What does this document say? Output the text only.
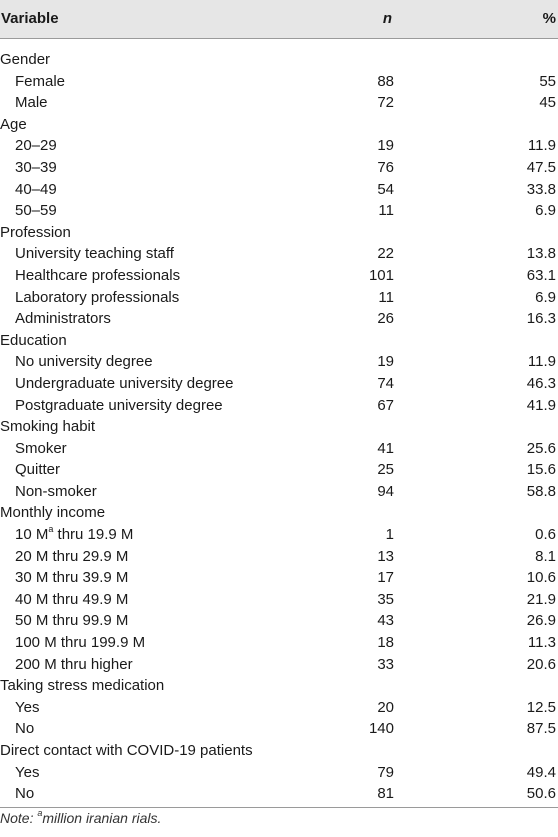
Variable	n	%
Gender
Female	88	55
Male	72	45
Age
20–29	19	11.9
30–39	76	47.5
40–49	54	33.8
50–59	11	6.9
Profession
University teaching staff	22	13.8
Healthcare professionals	101	63.1
Laboratory professionals	11	6.9
Administrators	26	16.3
Education
No university degree	19	11.9
Undergraduate university degree	74	46.3
Postgraduate university degree	67	41.9
Smoking habit
Smoker	41	25.6
Quitter	25	15.6
Non-smoker	94	58.8
Monthly income
10 $M^a$ thru 19.9 M	1	0.6
20 M thru 29.9 M	13	8.1
30 M thru 39.9 M	17	10.6
40 M thru 49.9 M	35	21.9
50 M thru 99.9 M	43	26.9
100 M thru 199.9 M	18	11.3
200 M thru higher	33	20.6
Taking stress medication
Yes	20	12.5
No	140	87.5
Direct contact with COVID-19 patients
Yes	79	49.4
No	81	50.6
Note: $^a$million iranian rials.
